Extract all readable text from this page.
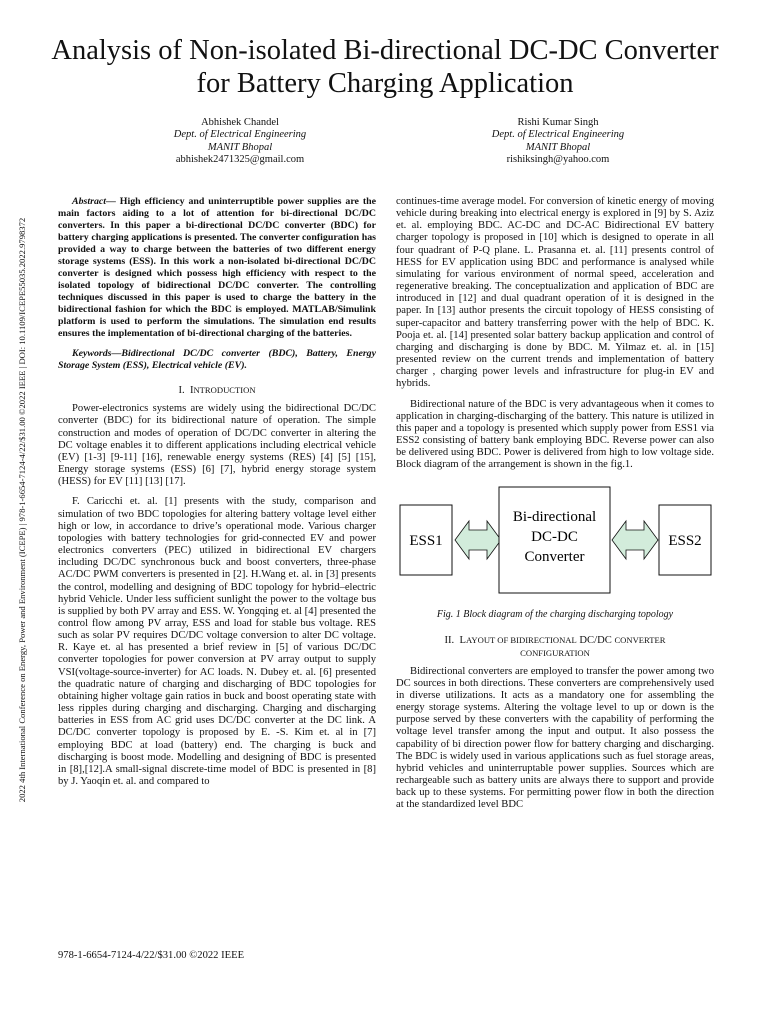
Analysis of Non-isolated Bi-directional DC-DC Converter for Battery Charging Application
Abhishek Chandel
Dept. of Electrical Engineering
MANIT Bhopal
abhishek2471325@gmail.com
Rishi Kumar Singh
Dept. of Electrical Engineering
MANIT Bhopal
rishiksingh@yahoo.com
2022 4th International Conference on Energy, Power and Environment (ICEPE) | 978-1-6654-7124-4/22/$31.00 ©2022 IEEE | DOI: 10.1109/ICEPE55035.2022.9798372

Abstract— High efficiency and uninterruptible power supplies are the main factors aiding to a lot of attention for bi-directional DC/DC converters. In this paper a bi-directional DC/DC converter (BDC) for battery charging applications is presented. The converter configuration has provided a way to charge between the batteries of two different energy storage systems (ESS). In this work a non-isolated bi-directional DC/DC converter is designed which possess high efficiency with respect to the isolated topology of bidirectional DC/DC converter. The controlling techniques discussed in this paper is used to charge the battery in the bidirectional fashion for which the BDC is employed. MATLAB/Simulink platform is used to perform the simulations. The simulation end results ensures the implementation of bi-directional charging of the batteries.

Keywords—Bidirectional DC/DC converter (BDC), Battery, Energy Storage System (ESS), Electrical vehicle (EV).

I. INTRODUCTION

Power-electronics systems are widely using the bidirectional DC/DC converter (BDC) for its bidirectional nature of operation. The simple construction and modes of operation of DC/DC converter in altering the DC voltage enables it to different applications including electrical vehicle (EV) [1-3] [9-11] [16], renewable energy systems (RES) [4] [5] [15], Energy storage systems (ESS) [6] [7], hybrid energy storage system (HESS) for EV [11] [13] [17].

F. Caricchi et. al. [1] presents with the study, comparison and simulation of two BDC topologies for altering battery voltage level either high or low, in accordance to drive’s operational mode. Various charger topologies with battery technologies for grid-connected EV and power electronics converters (PEC) utilized in bidirectional EV chargers including DC/DC synchronous buck and boost converters, three-phase AC/DC PWM converters is presented in [2]. H.Wang et. al. in [3] presents the control, modelling and designing of BDC topology for hybrid–electric hybrid Vehicle. Under less sufficient sunlight the power to the voltage bus is supplied by both PV array and ESS. W. Yongqing et. al [4] presented the control flow among PV array, ESS and load for stable bus voltage. RES such as solar PV requires DC/DC voltage conversion to alter DC voltage. R. Kaye et. al has presented a brief review in [5] of various DC/DC converter topologies for power conversion at PV array output to supply VSI(voltage-source-inverter) for AC loads. N. Dubey et. al. [6] presented the quadratic nature of charging and discharging of BDC topologies for obtaining higher voltage gain ratios in buck and boost operating state with less ripples during charging and discharging. Charging and discharging batteries in ESS from AC grid uses DC/DC converter at the DC link. A DC/DC converter topology is proposed by E. -S. Kim et. al in [7] employing BDC at load (battery) end. The charging is buck and discharging is boost mode. Modelling and designing of BDC is presented in [8],[12].A small-signal discrete-time model of BDC is presented in [8] by J. Yaoqin et. al. and compared to

continues-time average model. For conversion of kinetic energy of moving vehicle during breaking into electrical energy is explored in [9] by S. Aziz et. al. employing BDC. AC-DC and DC-AC Bidirectional EV battery charger topology is proposed in [10] which is designed to operate in all four quadrant of P-Q plane. L. Prasanna et. al. [11] presents control of HESS for EV application using BDC and performance is analysed while simulating for various environment of normal speed, acceleration and regenerative breaking. The conceptualization and application of BDC are introduced in [12] and dual quadrant operation of it is designed in the paper. In [13] author presents the circuit topology of HESS consisting of super-capacitor and battery transferring power with the help of BDC. K. Pooja et. al. [14] presented solar battery backup application and control of charging and discharging is done by BDC. M. Yilmaz et. al. in [15] presented review on the current trends and implementation of battery charger , charging power levels and infrastructure for plug-in EV and hybrids.

Bidirectional nature of the BDC is very advantageous when it comes to application in charging-discharging of the battery. This nature is utilized in this paper and a topology is presented which supply power from ESS1 via ESS2 consisting of battery bank employing BDC. Reverse power can also be delivered using BDC. Power is delivered from high to low voltage side. Block diagram of the arrangement is shown in the fig.1.

ESS1
Bi-directional
DC-DC
Converter
ESS2
Fig. 1 Block diagram of the charging discharging topology
II. LAYOUT OF BIDIRECTIONAL DC/DC CONVERTER
CONFIGURATION

Bidirectional converters are employed to transfer the power among two DC sources in both directions. These converters are comprehensively used in diverse utilizations. It acts as a mandatory one for assembling the energy storage systems. Altering the voltage level to up or down is the purpose served by these converters with the capability of performing the voltage level transfer among the input and output. It also possess the capability of bi direction power flow for battery charging and discharging. The BDC is widely used in various applications such as fuel storage areas, hybrid vehicles and uninterruptable power supplies. Sources which are rechargeable such as battery units are always there to support and provide back up to these systems. For permitting power flow in both the direction at the standardized level BDC

978-1-6654-7124-4/22/$31.00 ©2022 IEEE
